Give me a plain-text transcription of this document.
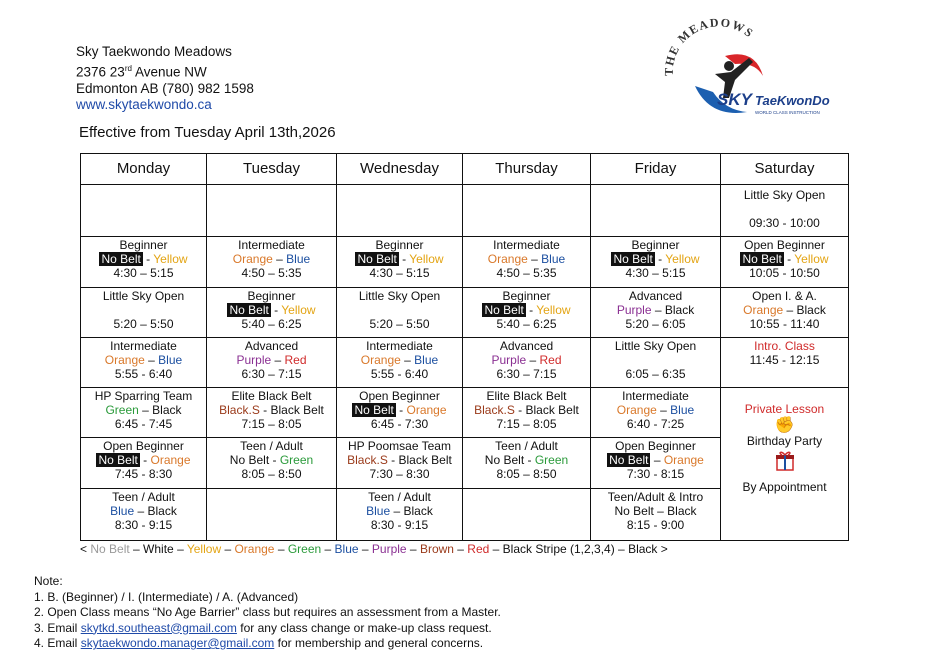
Sky Taekwondo Meadows
2376 23rd Avenue NW
Edmonton AB (780) 982 1598
www.skytaekwondo.ca
THE MEADOWS
SKY TaeKwonDo
WORLD CLASS INSTRUCTION
Effective from Tuesday April 13th,2026
Monday	Tuesday	Wednesday	Thursday	Friday	Saturday

					Little Sky Open

09:30 - 10:00

Beginner
No Belt - Yellow
4:30 – 5:15	Intermediate
Orange – Blue
4:50 – 5:35	Beginner
No Belt - Yellow
4:30 – 5:15	Intermediate
Orange – Blue
4:50 – 5:35	Beginner
No Belt - Yellow
4:30 – 5:15	Open Beginner
No Belt - Yellow
10:05 - 10:50

Little Sky Open

5:20 – 5:50	Beginner
No Belt - Yellow
5:40 – 6:25	Little Sky Open

5:20 – 5:50	Beginner
No Belt - Yellow
5:40 – 6:25	Advanced
Purple – Black
5:20 – 6:05	Open I. & A.
Orange – Black
10:55 - 11:40

Intermediate
Orange – Blue
5:55 - 6:40	Advanced
Purple – Red
6:30 – 7:15	Intermediate
Orange – Blue
5:55 - 6:40	Advanced
Purple – Red
6:30 – 7:15	Little Sky Open

6:05 – 6:35	Intro. Class
11:45 - 12:15

HP Sparring Team
Green – Black
6:45 - 7:45	Elite Black Belt
Black.S - Black Belt
7:15 – 8:05	Open Beginner
No Belt - Orange
6:45 - 7:30	Elite Black Belt
Black.S - Black Belt
7:15 – 8:05	Intermediate
Orange – Blue
6:40 - 7:25	Private Lesson
✊
Birthday Party
By Appointment

Open Beginner
No Belt - Orange
7:45 - 8:30	Teen / Adult
No Belt - Green
8:05 – 8:50	HP Poomsae Team
Black.S - Black Belt
7:30 – 8:30	Teen / Adult
No Belt - Green
8:05 – 8:50	Open Beginner
No Belt – Orange
7:30 - 8:15	

Teen / Adult
Blue – Black
8:30 - 9:15		Teen / Adult
Blue – Black
8:30 - 9:15		Teen/Adult & Intro
No Belt – Black
8:15 - 9:00	
< No Belt – White – Yellow – Orange – Green – Blue – Purple – Brown – Red – Black Stripe (1,2,3,4) – Black >
Note:
1. B. (Beginner) / I. (Intermediate) / A. (Advanced)
2. Open Class means “No Age Barrier” class but requires an assessment from a Master.
3. Email skytkd.southeast@gmail.com for any class change or make-up class request.
4. Email skytaekwondo.manager@gmail.com for membership and general concerns.
